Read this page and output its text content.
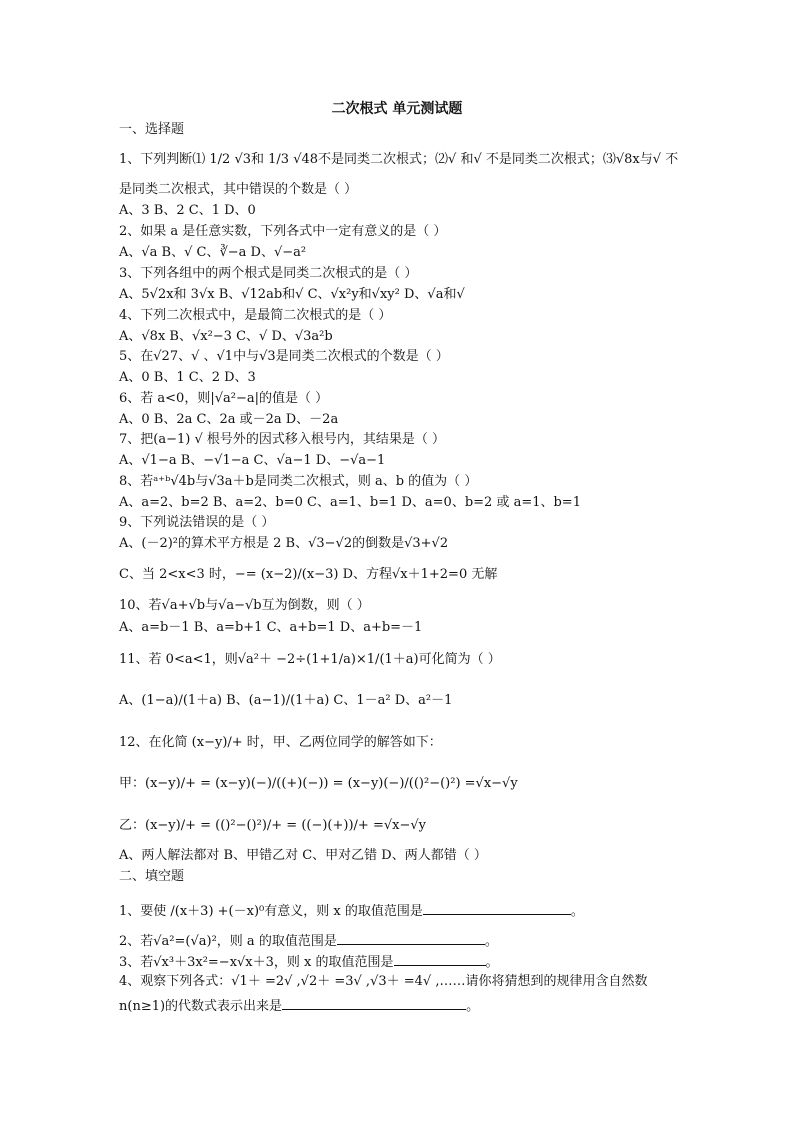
二次根式 单元测试题
一、选择题
1、下列判断⑴ 1/2 √3和 1/3 √48不是同类二次根式；⑵√ 和√ 不是同类二次根式；⑶√8x与√ 不
是同类二次根式，其中错误的个数是（ ）
A、3 B、2 C、1 D、0
2、如果 a 是任意实数，下列各式中一定有意义的是（ ）
A、√a B、√ C、∛−a D、√−a²
3、下列各组中的两个根式是同类二次根式的是（ ）
A、5√2x和 3√x B、√12ab和√ C、√x²y和√xy² D、√a和√
4、下列二次根式中，是最简二次根式的是（ ）
A、√8x B、√x²−3 C、√ D、√3a²b
5、在√27、√ 、√1中与√3是同类二次根式的个数是（ ）
A、0 B、1 C、2 D、3
6、若 a<0，则|√a²−a|的值是（ ）
A、0 B、2a C、2a 或－2a D、－2a
7、把(a−1) √ 根号外的因式移入根号内，其结果是（ ）
A、√1−a B、−√1−a C、√a−1 D、−√a−1
8、若ᵃ⁺ᵇ√4b与√3a＋b是同类二次根式，则 a、b 的值为（ ）
A、a=2、b=2 B、a=2、b=0 C、a=1、b=1 D、a=0、b=2 或 a=1、b=1
9、下列说法错误的是（ ）
A、(－2)²的算术平方根是 2 B、√3−√2的倒数是√3+√2
C、当 2<x<3 时，−= (x−2)/(x−3) D、方程√x＋1+2=0 无解
10、若√a+√b与√a−√b互为倒数，则（ ）
A、a=b－1 B、a=b+1 C、a+b=1 D、a+b=－1
11、若 0<a<1，则√a²＋ −2÷(1+1/a)×1/(1＋a)可化简为（ ）
A、(1−a)/(1＋a) B、(a−1)/(1＋a) C、1－a² D、a²－1
12、在化简 (x−y)/+ 时，甲、乙两位同学的解答如下：
甲：(x−y)/+ = (x−y)(−)/((+)(−)) = (x−y)(−)/(()²−()²) =√x−√y
乙：(x−y)/+ = (()²−()²)/+ = ((−)(+))/+ =√x−√y
A、两人解法都对 B、甲错乙对 C、甲对乙错 D、两人都错（ ）
二、填空题
1、要使 /(x＋3) +(－x)⁰有意义，则 x 的取值范围是	。
2、若√a²=(√a)²，则 a 的取值范围是	。
3、若√x³＋3x²=−x√x＋3，则 x 的取值范围是	。
4、观察下列各式：√1＋ =2√ ,√2＋ =3√ ,√3＋ =4√ ,……请你将猜想到的规律用含自然数
n(n≥1)的代数式表示出来是	。
